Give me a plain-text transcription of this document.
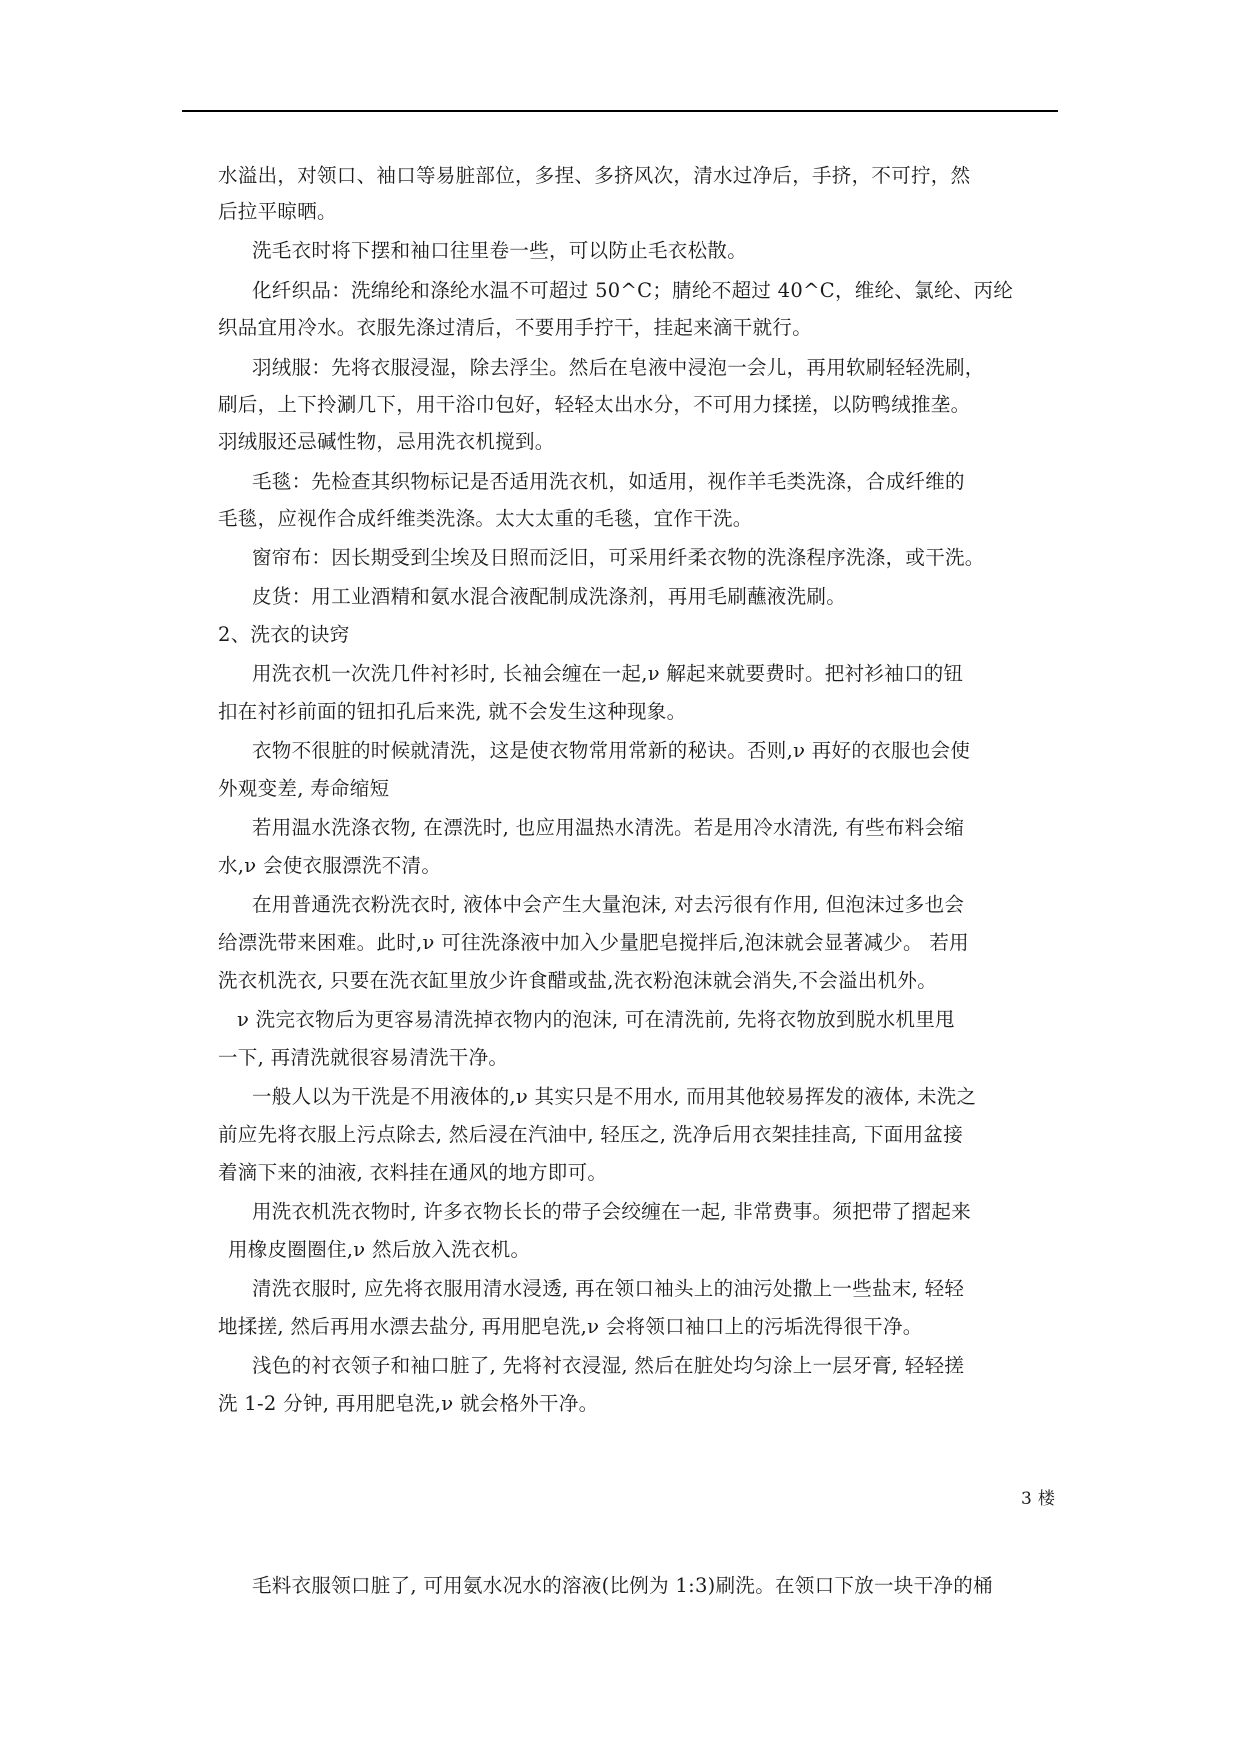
水溢出，对领口、袖口等易脏部位，多捏、多挤风次，清水过净后，手挤，不可拧，然
后拉平晾晒。
洗毛衣时将下摆和袖口往里卷一些，可以防止毛衣松散。
化纤织品：洗绵纶和涤纶水温不可超过 50^C；腈纶不超过 40^C，维纶、氯纶、丙纶
织品宜用冷水。衣服先涤过清后，不要用手拧干，挂起来滴干就行。
羽绒服：先将衣服浸湿，除去浮尘。然后在皂液中浸泡一会儿，再用软刷轻轻洗刷，
刷后，上下拎涮几下，用干浴巾包好，轻轻太出水分，不可用力揉搓，以防鸭绒推垄。
羽绒服还忌碱性物，忌用洗衣机搅到。
毛毯：先检查其织物标记是否适用洗衣机，如适用，视作羊毛类洗涤，合成纤维的
毛毯，应视作合成纤维类洗涤。太大太重的毛毯，宜作干洗。
窗帘布：因长期受到尘埃及日照而泛旧，可采用纤柔衣物的洗涤程序洗涤，或干洗。
皮货：用工业酒精和氨水混合液配制成洗涤剂，再用毛刷蘸液洗刷。
2、洗衣的诀窍
用洗衣机一次洗几件衬衫时, 长袖会缠在一起,ν 解起来就要费时。把衬衫袖口的钮
扣在衬衫前面的钮扣孔后来洗, 就不会发生这种现象。
衣物不很脏的时候就清洗，这是使衣物常用常新的秘诀。否则,ν 再好的衣服也会使
外观变差, 寿命缩短
若用温水洗涤衣物, 在漂洗时, 也应用温热水清洗。若是用冷水清洗, 有些布料会缩
水,ν 会使衣服漂洗不清。
在用普通洗衣粉洗衣时, 液体中会产生大量泡沫, 对去污很有作用, 但泡沫过多也会
给漂洗带来困难。此时,ν 可往洗涤液中加入少量肥皂搅拌后,泡沫就会显著减少。 若用
洗衣机洗衣, 只要在洗衣缸里放少许食醋或盐,洗衣粉泡沫就会消失,不会溢出机外。
ν 洗完衣物后为更容易清洗掉衣物内的泡沫, 可在清洗前, 先将衣物放到脱水机里甩
一下, 再清洗就很容易清洗干净。
一般人以为干洗是不用液体的,ν 其实只是不用水, 而用其他较易挥发的液体, 未洗之
前应先将衣服上污点除去, 然后浸在汽油中, 轻压之, 洗净后用衣架挂挂高, 下面用盆接
着滴下来的油液, 衣料挂在通风的地方即可。
用洗衣机洗衣物时, 许多衣物长长的带子会绞缠在一起, 非常费事。须把带了摺起来
用橡皮圈圈住,ν 然后放入洗衣机。
清洗衣服时, 应先将衣服用清水浸透, 再在领口袖头上的油污处撒上一些盐末, 轻轻
地揉搓, 然后再用水漂去盐分, 再用肥皂洗,ν 会将领口袖口上的污垢洗得很干净。
浅色的衬衣领子和袖口脏了, 先将衬衣浸湿, 然后在脏处均匀涂上一层牙膏, 轻轻搓
洗 1-2 分钟, 再用肥皂洗,ν 就会格外干净。
3 楼
毛料衣服领口脏了, 可用氨水况水的溶液(比例为 1:3)刷洗。在领口下放一块干净的桶
